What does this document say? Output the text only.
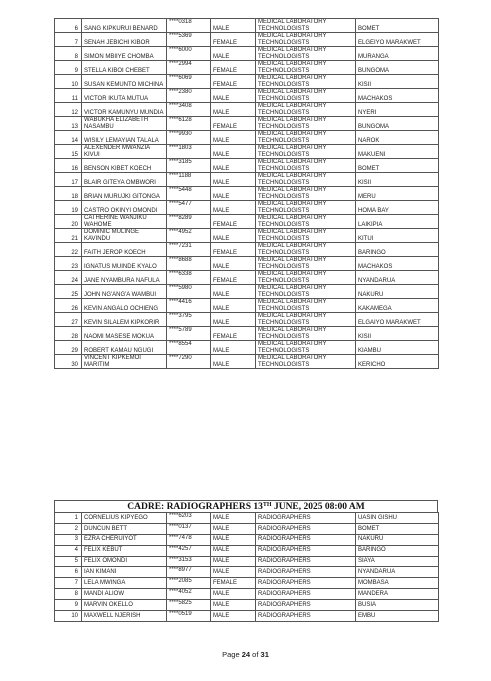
6	SANG KIPKURUI BENARD	****0318	MALE	MEDICAL LABORATORY TECHNOLOGISTS	BOMET
7	SENAH JEBICHI KIBOR	****5369	FEMALE	MEDICAL LABORATORY TECHNOLOGISTS	ELGEIYO MARAKWET
8	SIMON MBIIYE CHOMBA	****6000	MALE	MEDICAL LABORATORY TECHNOLOGISTS	MURANGA
9	STELLA KIBOI CHEBET	****2994	FEMALE	MEDICAL LABORATORY TECHNOLOGISTS	BUNGOMA
10	SUSAN KEMUNTO MICHINA	****6069	FEMALE	MEDICAL LABORATORY TECHNOLOGISTS	KISII
11	VICTOR IKUTA MUTUA	****2380	MALE	MEDICAL LABORATORY TECHNOLOGISTS	MACHAKOS
12	VICTOR KAMUNYU MUNDIA	****3408	MALE	MEDICAL LABORATORY TECHNOLOGISTS	NYERI
13	WABUKHA ELIZABETH NASAMBU	****6128	FEMALE	MEDICAL LABORATORY TECHNOLOGISTS	BUNGOMA
14	WISILY LEMAYIAN TALALA	****9930	MALE	MEDICAL LABORATORY TECHNOLOGISTS	NAROK
15	ALEXENDER MWANZIA KIVUI	****1803	MALE	MEDICAL LABORATORY TECHNOLOGISTS	MAKUENI
16	BENSON KIBET KOECH	****3185	MALE	MEDICAL LABORATORY TECHNOLOGISTS	BOMET
17	BLAIR GITEYA OMBWORI	****1188	MALE	MEDICAL LABORATORY TECHNOLOGISTS	KISII
18	BRIAN MURUJKI GITONGA	****5448	MALE	MEDICAL LABORATORY TECHNOLOGISTS	MERU
19	CASTRO OKINYI OMONDI	****5477	MALE	MEDICAL LABORATORY TECHNOLOGISTS	HOMA BAY
20	CATHERINE WANJIKU WAHOME	****8289	FEMALE	MEDICAL LABORATORY TECHNOLOGISTS	LAIKIPIA
21	DOMINIC MULINGE KAVINDU	****4952	MALE	MEDICAL LABORATORY TECHNOLOGISTS	KITUI
22	FAITH JEROP KOECH	****7231	FEMALE	MEDICAL LABORATORY TECHNOLOGISTS	BARINGO
23	IGNATUS MUINDE KYALO	****8688	MALE	MEDICAL LABORATORY TECHNOLOGISTS	MACHAKOS
24	JANE NYAMBURA NAFULA	****6338	FEMALE	MEDICAL LABORATORY TECHNOLOGISTS	NYANDARUA
25	JOHN NG'ANG'A WAMBUI	****5980	MALE	MEDICAL LABORATORY TECHNOLOGISTS	NAKURU
26	KEVIN ANGALO OCHIENG	****4416	MALE	MEDICAL LABORATORY TECHNOLOGISTS	KAKAMEGA
27	KEVIN SILALEM KIPKORIR	****3795	MALE	MEDICAL LABORATORY TECHNOLOGISTS	ELGAIYO MARAKWET
28	NAOMI MASESE MOKUA	****5789	FEMALE	MEDICAL LABORATORY TECHNOLOGISTS	KISII
29	ROBERT KAMAU NGUGI	****8554	MALE	MEDICAL LABORATORY TECHNOLOGISTS	KIAMBU
30	VINCENT KIPKEMOI MARITIM	****7290	MALE	MEDICAL LABORATORY TECHNOLOGISTS	KERICHO
CADRE: RADIOGRAPHERS 13TH JUNE, 2025 08:00 AM
1	CORNELIUS KIPYEGO	****6203	MALE	RADIOGRAPHERS	UASIN GISHU
2	DUNCUN BETT	****0137	MALE	RADIOGRAPHERS	BOMET
3	EZRA CHERUIYOT	****7478	MALE	RADIOGRAPHERS	NAKURU
4	FELIX KEBUT	****4257	MALE	RADIOGRAPHERS	BARINGO
5	FELIX OMONDI	****3153	MALE	RADIOGRAPHERS	SIAYA
6	IAN KIMANI	****8977	MALE	RADIOGRAPHERS	NYANDARUA
7	LELA MWINGA	****2085	FEMALE	RADIOGRAPHERS	MOMBASA
8	MANDI ALIOW	****4052	MALE	RADIOGRAPHERS	MANDERA
9	MARVIN OKELLO	****5825	MALE	RADIOGRAPHERS	BUSIA
10	MAXWELL NJERISH	****0519	MALE	RADIOGRAPHERS	EMBU
Page 24 of 31
